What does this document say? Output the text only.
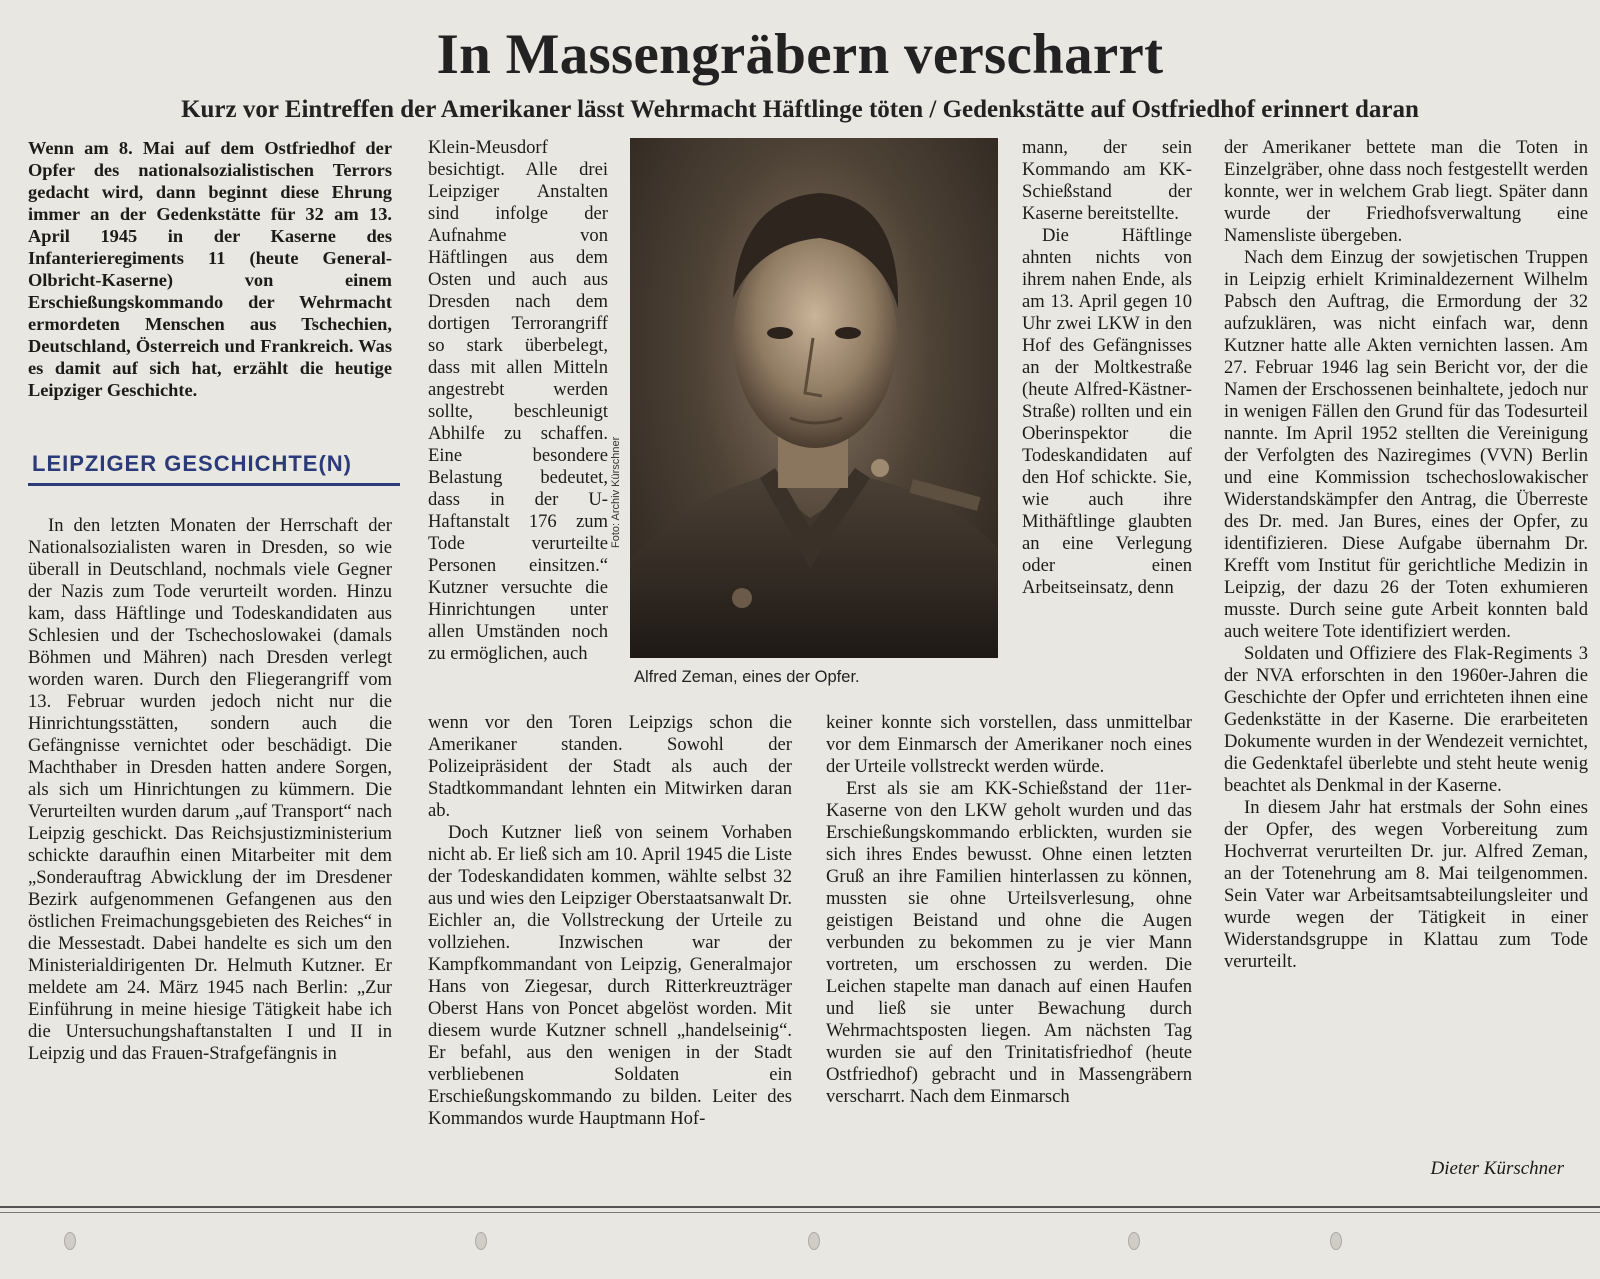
In Massengräbern verscharrt
Kurz vor Eintreffen der Amerikaner lässt Wehrmacht Häftlinge töten / Gedenkstätte auf Ostfriedhof erinnert daran

Wenn am 8. Mai auf dem Ostfriedhof der Opfer des nationalsozialistischen Terrors gedacht wird, dann beginnt diese Ehrung immer an der Gedenkstätte für 32 am 13. April 1945 in der Kaserne des Infanterieregiments 11 (heute General-Olbricht-Kaserne) von einem Erschießungskommando der Wehrmacht ermordeten Menschen aus Tschechien, Deutschland, Österreich und Frankreich. Was es damit auf sich hat, erzählt die heutige Leipziger Geschichte.

LEIPZIGER GESCHICHTE(N)

In den letzten Monaten der Herrschaft der Nationalsozialisten waren in Dresden, so wie überall in Deutschland, nochmals viele Gegner der Nazis zum Tode verurteilt worden. Hinzu kam, dass Häftlinge und Todeskandidaten aus Schlesien und der Tschechoslowakei (damals Böhmen und Mähren) nach Dresden verlegt worden waren. Durch den Fliegerangriff vom 13. Februar wurden jedoch nicht nur die Hinrichtungsstätten, sondern auch die Gefängnisse vernichtet oder beschädigt. Die Machthaber in Dresden hatten andere Sorgen, als sich um Hinrichtungen zu kümmern. Die Verurteilten wurden darum „auf Transport“ nach Leipzig geschickt. Das Reichsjustizministerium schickte daraufhin einen Mitarbeiter mit dem „Sonderauftrag Abwicklung der im Dresdener Bezirk aufgenommenen Gefangenen aus den östlichen Freimachungsgebieten des Reiches“ in die Messestadt. Dabei handelte es sich um den Ministerialdirigenten Dr. Helmuth Kutzner. Er meldete am 24. März 1945 nach Berlin: „Zur Einführung in meine hiesige Tätigkeit habe ich die Untersuchungshaftanstalten I und II in Leipzig und das Frauen-Strafgefängnis in

Klein-Meusdorf besichtigt. Alle drei Leipziger Anstalten sind infolge der Aufnahme von Häftlingen aus dem Osten und auch aus Dresden nach dem dortigen Terrorangriff so stark überbelegt, dass mit allen Mitteln angestrebt werden sollte, beschleunigt Abhilfe zu schaffen. Eine besondere Belastung bedeutet, dass in der U-Haftanstalt 176 zum Tode verurteilte Personen einsitzen.“ Kutzner versuchte die Hinrichtungen unter allen Umständen noch zu ermöglichen, auch

wenn vor den Toren Leipzigs schon die Amerikaner standen. Sowohl der Polizeipräsident der Stadt als auch der Stadtkommandant lehnten ein Mitwirken daran ab.

Doch Kutzner ließ von seinem Vorhaben nicht ab. Er ließ sich am 10. April 1945 die Liste der Todeskandidaten kommen, wählte selbst 32 aus und wies den Leipziger Oberstaatsanwalt Dr. Eichler an, die Vollstreckung der Urteile zu vollziehen. Inzwischen war der Kampfkommandant von Leipzig, Generalmajor Hans von Ziegesar, durch Ritterkreuzträger Oberst Hans von Poncet abgelöst worden. Mit diesem wurde Kutzner schnell „handelseinig“. Er befahl, aus den wenigen in der Stadt verbliebenen Soldaten ein Erschießungskommando zu bilden. Leiter des Kommandos wurde Hauptmann Hof-

Foto: Archiv Kürschner
Alfred Zeman, eines der Opfer.

mann, der sein Kommando am KK-Schießstand der Kaserne bereitstellte.

Die Häftlinge ahnten nichts von ihrem nahen Ende, als am 13. April gegen 10 Uhr zwei LKW in den Hof des Gefängnisses an der Moltkestraße (heute Alfred-Kästner-Straße) rollten und ein Oberinspektor die Todeskandidaten auf den Hof schickte. Sie, wie auch ihre Mithäftlinge glaubten an eine Verlegung oder einen Arbeitseinsatz, denn

keiner konnte sich vorstellen, dass unmittelbar vor dem Einmarsch der Amerikaner noch eines der Urteile vollstreckt werden würde.

Erst als sie am KK-Schießstand der 11er-Kaserne von den LKW geholt wurden und das Erschießungskommando erblickten, wurden sie sich ihres Endes bewusst. Ohne einen letzten Gruß an ihre Familien hinterlassen zu können, mussten sie ohne Urteilsverlesung, ohne geistigen Beistand und ohne die Augen verbunden zu bekommen zu je vier Mann vortreten, um erschossen zu werden. Die Leichen stapelte man danach auf einen Haufen und ließ sie unter Bewachung durch Wehrmachtsposten liegen. Am nächsten Tag wurden sie auf den Trinitatisfriedhof (heute Ostfriedhof) gebracht und in Massengräbern verscharrt. Nach dem Einmarsch

der Amerikaner bettete man die Toten in Einzelgräber, ohne dass noch festgestellt werden konnte, wer in welchem Grab liegt. Später dann wurde der Friedhofsverwaltung eine Namensliste übergeben.

Nach dem Einzug der sowjetischen Truppen in Leipzig erhielt Kriminaldezernent Wilhelm Pabsch den Auftrag, die Ermordung der 32 aufzuklären, was nicht einfach war, denn Kutzner hatte alle Akten vernichten lassen. Am 27. Februar 1946 lag sein Bericht vor, der die Namen der Erschossenen beinhaltete, jedoch nur in wenigen Fällen den Grund für das Todesurteil nannte. Im April 1952 stellten die Vereinigung der Verfolgten des Naziregimes (VVN) Berlin und eine Kommission tschechoslowakischer Widerstandskämpfer den Antrag, die Überreste des Dr. med. Jan Bures, eines der Opfer, zu identifizieren. Diese Aufgabe übernahm Dr. Krefft vom Institut für gerichtliche Medizin in Leipzig, der dazu 26 der Toten exhumieren musste. Durch seine gute Arbeit konnten bald auch weitere Tote identifiziert werden.

Soldaten und Offiziere des Flak-Regiments 3 der NVA erforschten in den 1960er-Jahren die Geschichte der Opfer und errichteten ihnen eine Gedenkstätte in der Kaserne. Die erarbeiteten Dokumente wurden in der Wendezeit vernichtet, die Gedenktafel überlebte und steht heute wenig beachtet als Denkmal in der Kaserne.

In diesem Jahr hat erstmals der Sohn eines der Opfer, des wegen Vorbereitung zum Hochverrat verurteilten Dr. jur. Alfred Zeman, an der Totenehrung am 8. Mai teilgenommen. Sein Vater war Arbeitsamtsabteilungsleiter und wurde wegen der Tätigkeit in einer Widerstandsgruppe in Klattau zum Tode verurteilt.

Dieter Kürschner
